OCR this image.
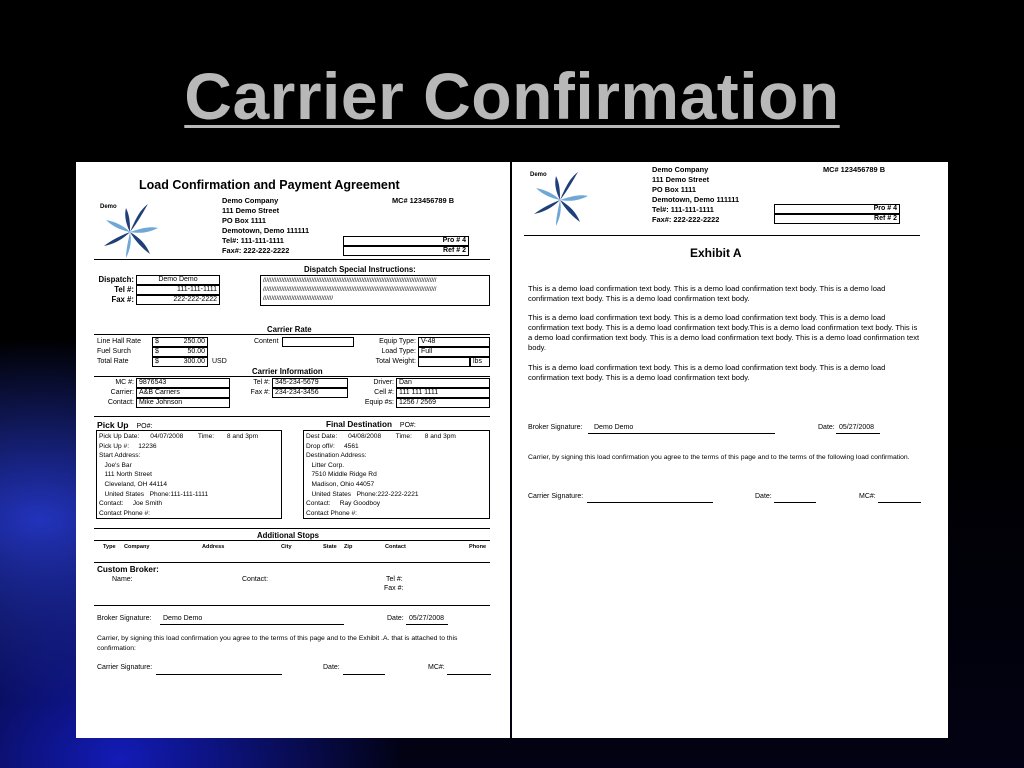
Carrier Confirmation
Load Confirmation and Payment Agreement
Demo
Demo Company
111 Demo Street
PO Box 1111
Demotown, Demo 111111
Tel#: 111-111-1111
Fax#: 222-222-2222
MC# 123456789 B
Pro # 4
Ref # 2
Dispatch:	Demo Demo
Tel #:	111-111-1111
Fax #:	222-222-2222
Dispatch Special Instructions:
////////////////////////////////////////////////////////////////////////////////////////////////////////
////////////////////////////////////////////////////////////////////////////////////////////////////////
//////////////////////////////////////////
Carrier Rate
Line Hall Rate	$	250.00
Fuel Surch	$	50.00
Total Rate	$	300.00 USD
Content	Equip Type: V-48
Load Type: Full
Total Weight:	lbs
Carrier Information
MC #: 9876543
Carrier: A&B Carriers
Contact: Mike Johnson
Tel #: 345-234-5679
Fax #: 234-234-3456
Driver: Dan
Cell #: 111 111 1111
Equip #s: 1256 / 2569
Pick Up PO#:
Pick Up Date:      04/07/2008        Time:       8 and 3pm
Pick Up #:     12236
Start Address:
Joe's Bar
111 North Street
Cleveland, OH 44114
United States   Phone:111-111-1111
Contact:     Joe Smith
Contact Phone #:
Final Destination PO#:
Dest Date:      04/08/2008        Time:       8 and 3pm
Drop off#:     4561
Destination Address:
Litter Corp.
7510 Middle Ridge Rd
Madison, Ohio 44057
United States   Phone:222-222-2221
Contact:     Ray Goodboy
Contact Phone #:
Additional Stops
Type Company	Address	City	State Zip	Contact	Phone
Custom Broker:
Name:	Contact:	Tel #:
Fax #:
Broker Signature: Demo Demo	Date: 05/27/2008
Carrier, by signing this load confirmation you agree to the terms of this page and to the Exhibit .A. that is attached to this confirmation:
Carrier Signature:	Date:	MC#:
Demo
Demo Company
111 Demo Street
PO Box 1111
Demotown, Demo 111111
Tel#: 111-111-1111
Fax#: 222-222-2222
MC# 123456789 B
Pro # 4
Ref # 2
Exhibit A
This is a demo load confirmation text body. This is a demo load confirmation text body. This is a demo load confirmation text body. This is a demo load confirmation text body.
This is a demo load confirmation text body. This is a demo load confirmation text body. This is a demo load confirmation text body. This is a demo load confirmation text body.This is a demo load confirmation text body. This is a demo load confirmation text body. This is a demo load confirmation text body. This is a demo load confirmation text body.
This is a demo load confirmation text body. This is a demo load confirmation text body. This is a demo load confirmation text body. This is a demo load confirmation text body.
Broker Signature: Demo Demo	Date: 05/27/2008
Carrier, by signing this load confirmation you agree to the terms of this page and to the terms of the following load confirmation.
Carrier Signature:	Date:	MC#:
